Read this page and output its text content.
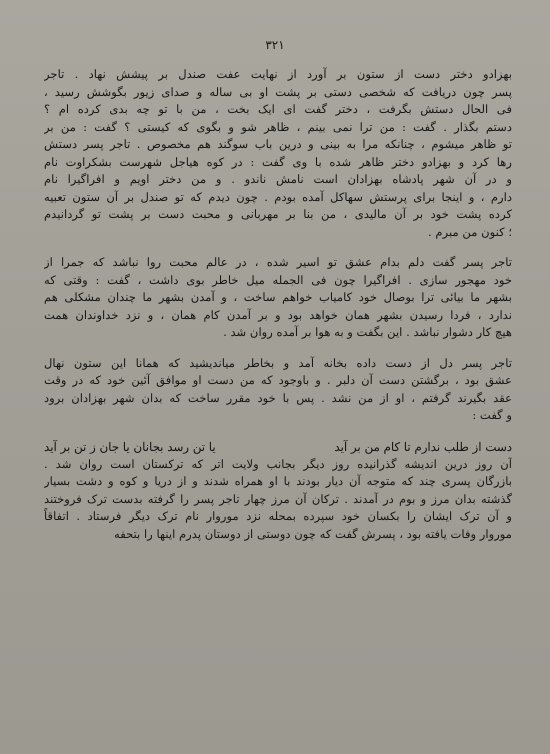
۳۲۱
بهزادو دختر دست از ستون بر آورد از نهایت عفت صندل بر پیشش نهاد . تاجر
پسر چون دریافت که شخصی دستی بر پشت او بی ساله و صدای زیور بگوشش رسید ،
فی الحال دستش بگرفت ، دختر گفت ای ایک بخت ، من با تو چه بدی کرده ام ؟
دستم بگذار . گفت : من ترا نمی بینم ، ظاهر شو و بگوی که کیستی ؟ گفت : من بر
تو ظاهر میشوم ، چنانکه مرا به بینی و درین باب سوگند هم مخصوص . تاجر پسر دستش
رها کرد و بهزادو دختر ظاهر شده با وی گفت : در کوه هیاجل شهرست بشکراوت نام
و در آن شهر پادشاه بهزادان است نامش ناندو . و من دختر اویم و افراگیرا نام
دارم ، و اینجا برای پرستش سهاکل آمده بودم . چون دیدم که تو صندل بر آن ستون تعبیه
کرده پشت خود بر آن مالیدی ، من بنا بر مهربانی و محبت دست بر پشت تو گردانیدم
؛ کنون من مبرم .
تاجر پسر گفت دلم بدام عشق تو اسیر شده ، در عالم محبت روا نباشد که جمرا از
خود مهجور سازی . افراگیرا چون فی الجمله میل خاطر بوی داشت ، گفت : وقتی که
بشهر ما بیائی ترا بوصال خود کامیاب خواهم ساخت ، و آمدن بشهر ما چندان مشکلی هم
ندارد ، فردا رسیدن بشهر همان خواهد بود و بر آمدن کام همان ، و نزد خداوندان همت
هیچ کار دشوار نباشد . این بگفت و به هوا بر آمده روان شد .
تاجر پسر دل از دست داده بخانه آمد و بخاطر میاندیشید که همانا این ستون نهال
عشق بود ، برگشتن دست آن دلبر . و باوجود که من دست او موافق آئین خود که در وقت
عقد بگیرند گرفتم ، او از من نشد . پس با خود مقرر ساخت که بدان شهر بهزادان برود
و گفت :
دست از طلب ندارم تا کام من بر آید
یا تن رسد بجانان یا جان ز تن بر آید
آن روز درین اندیشه گذرانیده روز دیگر بجانب ولایت اتر که ترکستان است روان شد .
بازرگان پسری چند که متوجه آن دیار بودند با او همراه شدند و از دریا و کوه و دشت بسیار
گذشته بدان مرز و بوم در آمدند . ترکان آن مرز چهار تاجر پسر را گرفته بدست ترک فروختند
و آن ترک ایشان را بکسان خود سپرده بمحله نزد موروار نام ترک دیگر فرستاد . اتفاقاً
موروار وفات یافته بود ، پسرش گفت که چون دوستی از دوستان پدرم اینها را بتحفه
